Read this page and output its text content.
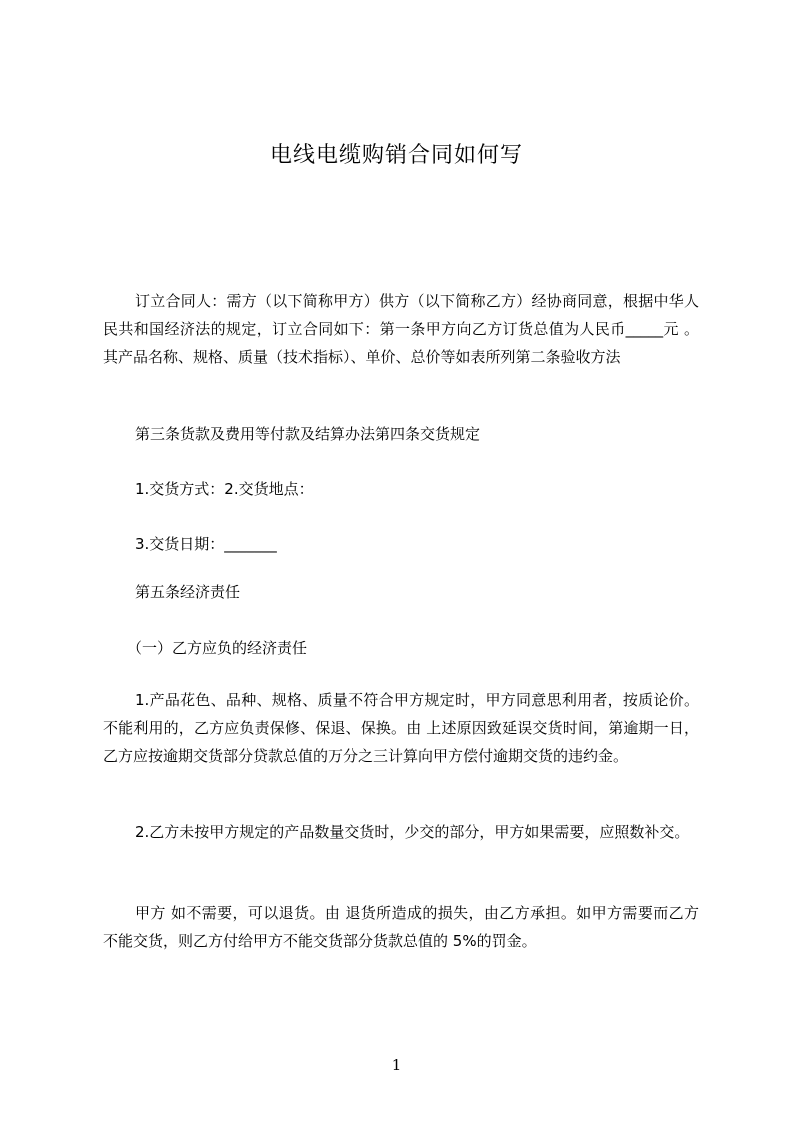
电线电缆购销合同如何写

订立合同人：需方（以下简称甲方）供方（以下简称乙方）经协商同意，根据中华人民共和国经济法的规定，订立合同如下：第一条甲方向乙方订货总值为人民币_____元 。其产品名称、规格、质量（技术指标）、单价、总价等如表所列第二条验收方法

第三条货款及费用等付款及结算办法第四条交货规定

1.交货方式：2.交货地点：

3.交货日期：_______

第五条经济责任

（一）乙方应负的经济责任

1.产品花色、品种、规格、质量不符合甲方规定时，甲方同意思利用者，按质论价。不能利用的，乙方应负责保修、保退、保换。由 上述原因致延误交货时间，第逾期一日，乙方应按逾期交货部分贷款总值的万分之三计算向甲方偿付逾期交货的违约金。

2.乙方未按甲方规定的产品数量交货时，少交的部分，甲方如果需要，应照数补交。

甲方 如不需要，可以退货。由 退货所造成的损失，由乙方承担。如甲方需要而乙方不能交货，则乙方付给甲方不能交货部分货款总值的 5%的罚金。

1
